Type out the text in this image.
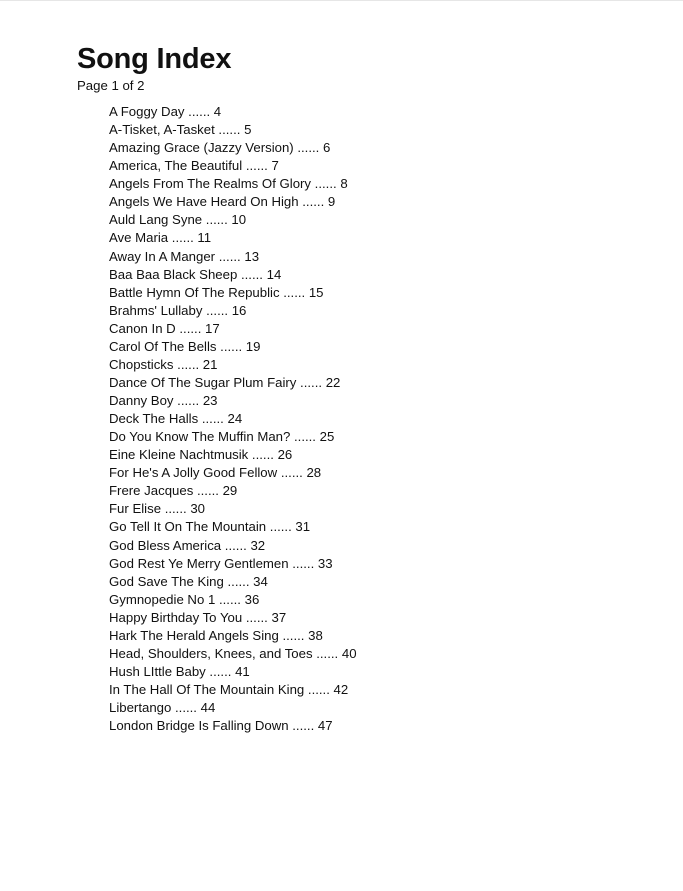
Song Index
Page 1 of 2
A Foggy Day ...... 4
A-Tisket, A-Tasket ...... 5
Amazing Grace (Jazzy Version) ...... 6
America, The Beautiful ...... 7
Angels From The Realms Of Glory ...... 8
Angels We Have Heard On High ...... 9
Auld Lang Syne ...... 10
Ave Maria ...... 11
Away In A Manger ...... 13
Baa Baa Black Sheep ...... 14
Battle Hymn Of The Republic ...... 15
Brahms' Lullaby ...... 16
Canon In D ...... 17
Carol Of The Bells ...... 19
Chopsticks ...... 21
Dance Of The Sugar Plum Fairy ...... 22
Danny Boy ...... 23
Deck The Halls ...... 24
Do You Know The Muffin Man? ...... 25
Eine Kleine Nachtmusik ...... 26
For He's A Jolly Good Fellow ...... 28
Frere Jacques ...... 29
Fur Elise ...... 30
Go Tell It On The Mountain ...... 31
God Bless America ...... 32
God Rest Ye Merry Gentlemen ...... 33
God Save The King ...... 34
Gymnopedie No 1 ...... 36
Happy Birthday To You ...... 37
Hark The Herald Angels Sing ...... 38
Head, Shoulders, Knees, and Toes ...... 40
Hush LIttle Baby ...... 41
In The Hall Of The Mountain King ...... 42
Libertango ...... 44
London Bridge Is Falling Down ...... 47
